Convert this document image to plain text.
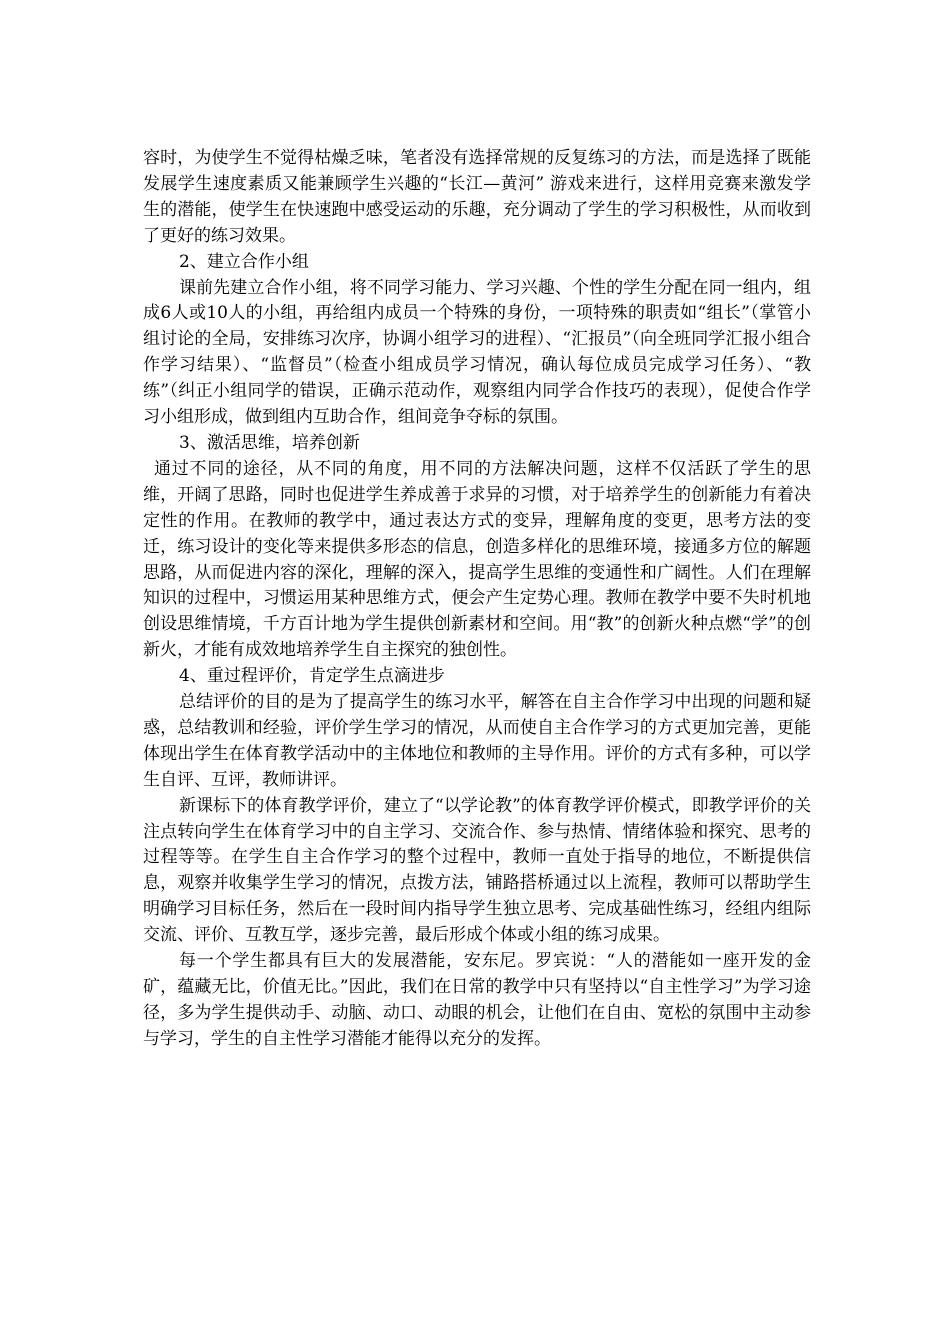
容时，为使学生不觉得枯燥乏味，笔者没有选择常规的反复练习的方法，而是选择了既能发展学生速度素质又能兼顾学生兴趣的“长江—黄河” 游戏来进行，这样用竞赛来激发学生的潜能，使学生在快速跑中感受运动的乐趣，充分调动了学生的学习积极性，从而收到了更好的练习效果。

2、建立合作小组

课前先建立合作小组，将不同学习能力、学习兴趣、个性的学生分配在同一组内，组成6人或10人的小组，再给组内成员一个特殊的身份，一项特殊的职责如“组长”（掌管小组讨论的全局，安排练习次序，协调小组学习的进程）、“汇报员”（向全班同学汇报小组合作学习结果）、“监督员”（检查小组成员学习情况，确认每位成员完成学习任务）、“教练”（纠正小组同学的错误，正确示范动作，观察组内同学合作技巧的表现），促使合作学习小组形成，做到组内互助合作，组间竞争夺标的氛围。

3、激活思维，培养创新

通过不同的途径，从不同的角度，用不同的方法解决问题，这样不仅活跃了学生的思维，开阔了思路，同时也促进学生养成善于求异的习惯，对于培养学生的创新能力有着决定性的作用。在教师的教学中，通过表达方式的变异，理解角度的变更，思考方法的变迁，练习设计的变化等来提供多形态的信息，创造多样化的思维环境，接通多方位的解题思路，从而促进内容的深化，理解的深入，提高学生思维的变通性和广阔性。人们在理解知识的过程中，习惯运用某种思维方式，便会产生定势心理。教师在教学中要不失时机地创设思维情境，千方百计地为学生提供创新素材和空间。用“教”的创新火种点燃“学”的创新火，才能有成效地培养学生自主探究的独创性。

4、重过程评价，肯定学生点滴进步

总结评价的目的是为了提高学生的练习水平，解答在自主合作学习中出现的问题和疑惑，总结教训和经验，评价学生学习的情况，从而使自主合作学习的方式更加完善，更能体现出学生在体育教学活动中的主体地位和教师的主导作用。评价的方式有多种，可以学生自评、互评，教师讲评。

新课标下的体育教学评价，建立了“以学论教”的体育教学评价模式，即教学评价的关注点转向学生在体育学习中的自主学习、交流合作、参与热情、情绪体验和探究、思考的过程等等。在学生自主合作学习的整个过程中，教师一直处于指导的地位，不断提供信息，观察并收集学生学习的情况，点拨方法，铺路搭桥通过以上流程，教师可以帮助学生明确学习目标任务，然后在一段时间内指导学生独立思考、完成基础性练习，经组内组际交流、评价、互教互学，逐步完善，最后形成个体或小组的练习成果。

每一个学生都具有巨大的发展潜能，安东尼。罗宾说：“人的潜能如一座开发的金矿，蕴藏无比，价值无比。”因此，我们在日常的教学中只有坚持以“自主性学习”为学习途径，多为学生提供动手、动脑、动口、动眼的机会，让他们在自由、宽松的氛围中主动参与学习，学生的自主性学习潜能才能得以充分的发挥。
